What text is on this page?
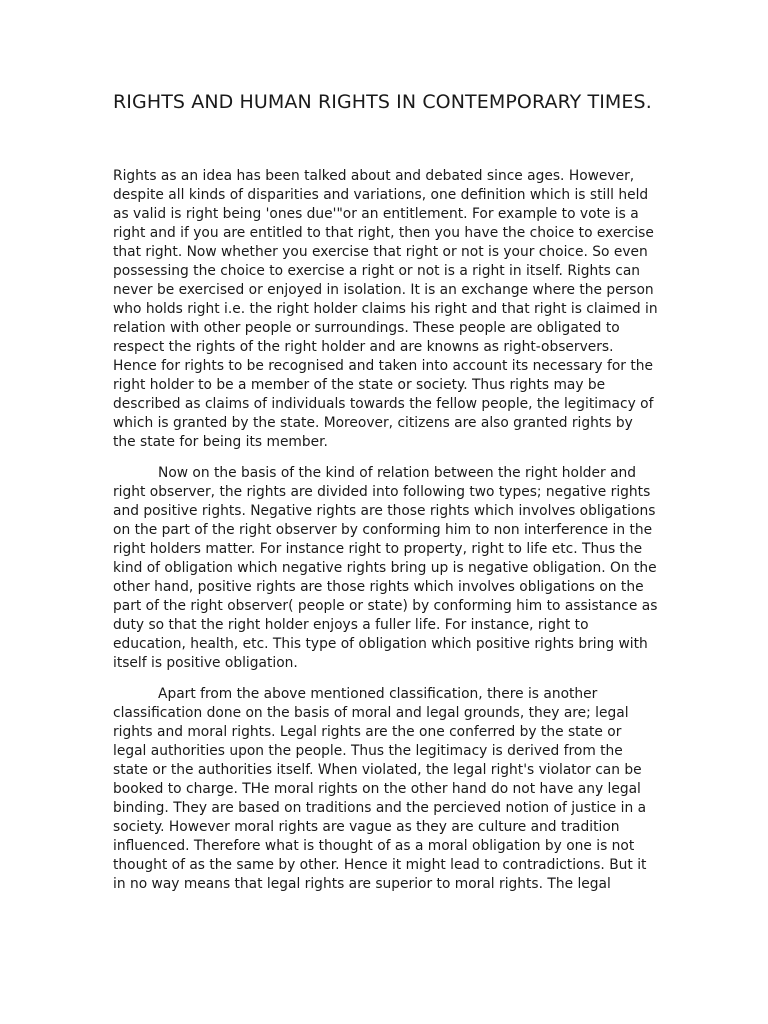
RIGHTS AND HUMAN RIGHTS IN CONTEMPORARY TIMES.

Rights as an idea has been talked about and debated since ages. However, despite all kinds of disparities and variations, one definition which is still held as valid is right being 'ones due'"or an entitlement. For example to vote is a right and if you are entitled to that right, then you have the choice to exercise that right. Now whether you exercise that right or not is your choice. So even possessing the choice to exercise a right or not is a right in itself. Rights can never be exercised or enjoyed in isolation. It is an exchange where the person who holds right i.e. the right holder claims his right and that right is claimed in relation with other people or surroundings. These people are obligated to respect the rights of the right holder and are knowns as right-observers. Hence for rights to be recognised and taken into account its necessary for the right holder to be a member of the state or society. Thus rights may be described as claims of individuals towards the fellow people, the legitimacy of which is granted by the state. Moreover, citizens are also granted rights by the state for being its member.

Now on the basis of the kind of relation between the right holder and right observer, the rights are divided into following two types; negative rights and positive rights. Negative rights are those rights which involves obligations on the part of the right observer by conforming him to non interference in the right holders matter. For instance right to property, right to life etc. Thus the kind of obligation which negative rights bring up is negative obligation. On the other hand, positive rights are those rights which involves obligations on the part of the right observer( people or state) by conforming him to assistance as duty so that the right holder enjoys a fuller life. For instance, right to education, health, etc. This type of obligation which positive rights bring with itself is positive obligation.

Apart from the above mentioned classification, there is another classification done on the basis of moral and legal grounds, they are; legal rights and moral rights. Legal rights are the one conferred by the state or legal authorities upon the people. Thus the legitimacy is derived from the state or the authorities itself. When violated, the legal right's violator can be booked to charge. THe moral rights on the other hand do not have any legal binding. They are based on traditions and the percieved notion of justice in a society. However moral rights are vague as they are culture and tradition influenced. Therefore what is thought of as a moral obligation by one is not thought of as the same by other. Hence it might lead to contradictions. But it in no way means that legal rights are superior to moral rights. The legal
